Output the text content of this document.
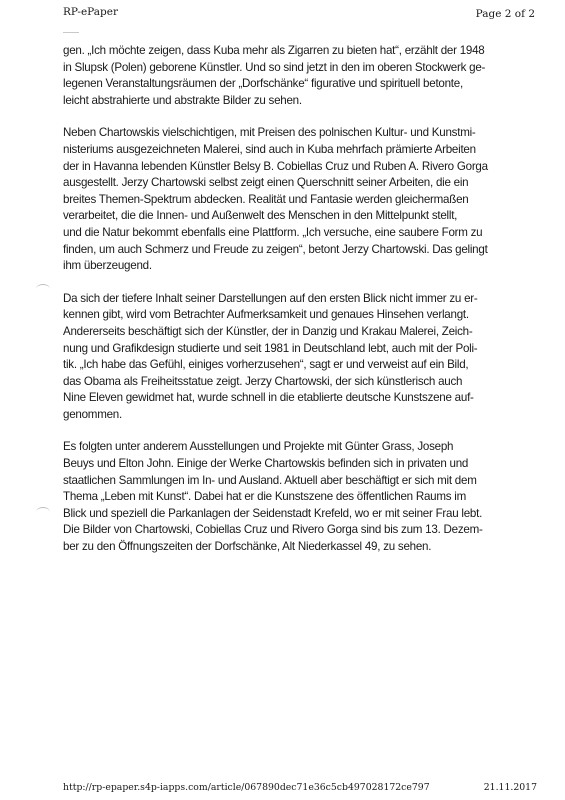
RP-ePaper	Page 2 of 2

gen. „Ich möchte zeigen, dass Kuba mehr als Zigarren zu bieten hat“, erzählt der 1948
in Slupsk (Polen) geborene Künstler. Und so sind jetzt in den im oberen Stockwerk ge-
legenen Veranstaltungsräumen der „Dorfschänke“ figurative und spirituell betonte,
leicht abstrahierte und abstrakte Bilder zu sehen.

Neben Chartowskis vielschichtigen, mit Preisen des polnischen Kultur- und Kunstmi-
nisteriums ausgezeichneten Malerei, sind auch in Kuba mehrfach prämierte Arbeiten
der in Havanna lebenden Künstler Belsy B. Cobiellas Cruz und Ruben A. Rivero Gorga
ausgestellt. Jerzy Chartowski selbst zeigt einen Querschnitt seiner Arbeiten, die ein
breites Themen-Spektrum abdecken. Realität und Fantasie werden gleichermaßen
verarbeitet, die die Innen- und Außenwelt des Menschen in den Mittelpunkt stellt,
und die Natur bekommt ebenfalls eine Plattform. „Ich versuche, eine saubere Form zu
finden, um auch Schmerz und Freude zu zeigen“, betont Jerzy Chartowski. Das gelingt
ihm überzeugend.

Da sich der tiefere Inhalt seiner Darstellungen auf den ersten Blick nicht immer zu er-
kennen gibt, wird vom Betrachter Aufmerksamkeit und genaues Hinsehen verlangt.
Andererseits beschäftigt sich der Künstler, der in Danzig und Krakau Malerei, Zeich-
nung und Grafikdesign studierte und seit 1981 in Deutschland lebt, auch mit der Poli-
tik. „Ich habe das Gefühl, einiges vorherzusehen“, sagt er und verweist auf ein Bild,
das Obama als Freiheitsstatue zeigt. Jerzy Chartowski, der sich künstlerisch auch
Nine Eleven gewidmet hat, wurde schnell in die etablierte deutsche Kunstszene auf-
genommen.

Es folgten unter anderem Ausstellungen und Projekte mit Günter Grass, Joseph
Beuys und Elton John. Einige der Werke Chartowskis befinden sich in privaten und
staatlichen Sammlungen im In- und Ausland. Aktuell aber beschäftigt er sich mit dem
Thema „Leben mit Kunst“. Dabei hat er die Kunstszene des öffentlichen Raums im
Blick und speziell die Parkanlagen der Seidenstadt Krefeld, wo er mit seiner Frau lebt.
Die Bilder von Chartowski, Cobiellas Cruz und Rivero Gorga sind bis zum 13. Dezem-
ber zu den Öffnungszeiten der Dorfschänke, Alt Niederkassel 49, zu sehen.

http://rp-epaper.s4p-iapps.com/article/067890dec71e36c5cb497028172ce797	21.11.2017
